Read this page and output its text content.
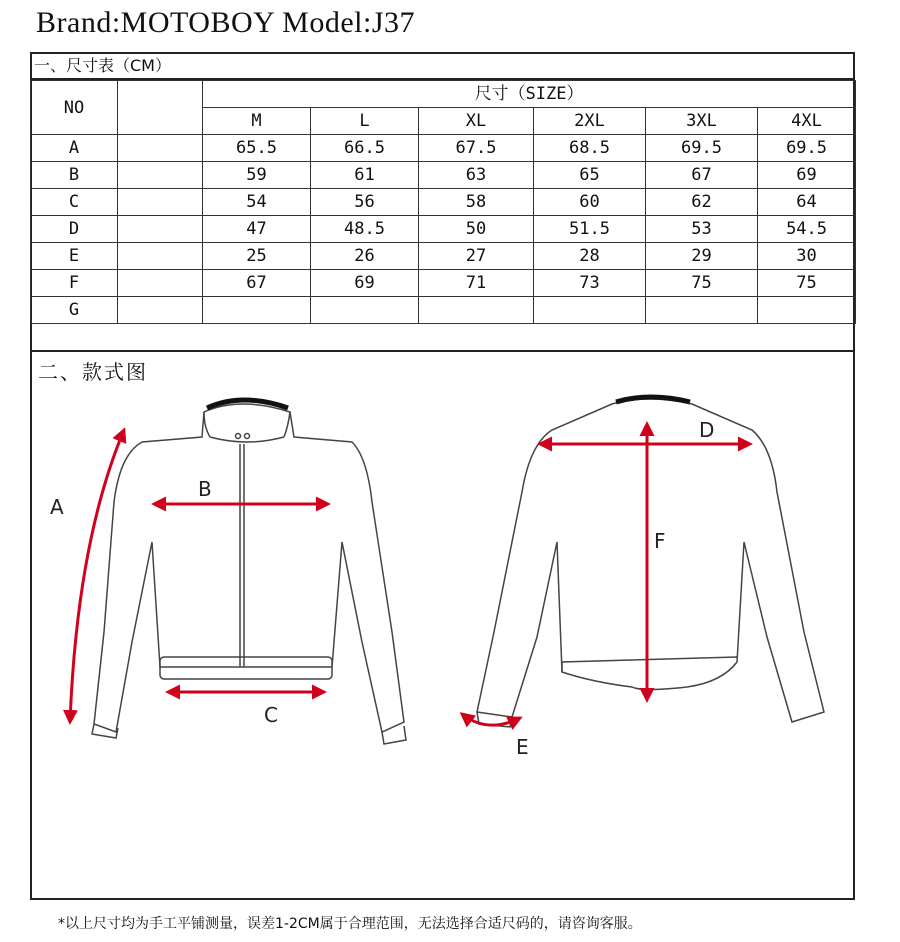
Brand:MOTOBOY Model:J37
一、尺寸表（CM）
NO		尺寸（SIZE）					
		M	L	XL	2XL	3XL	4XL
A		65.5	66.5	67.5	68.5	69.5	69.5
B		59	61	63	65	67	69
C		54	56	58	60	62	64
D		47	48.5	50	51.5	53	54.5
E		25	26	27	28	29	30
F		67	69	71	73	75	75
G							
二、款式图
A
B
C
D
E
F
*以上尺寸均为手工平铺测量，误差1-2CM属于合理范围，无法选择合适尺码的，请咨询客服。
